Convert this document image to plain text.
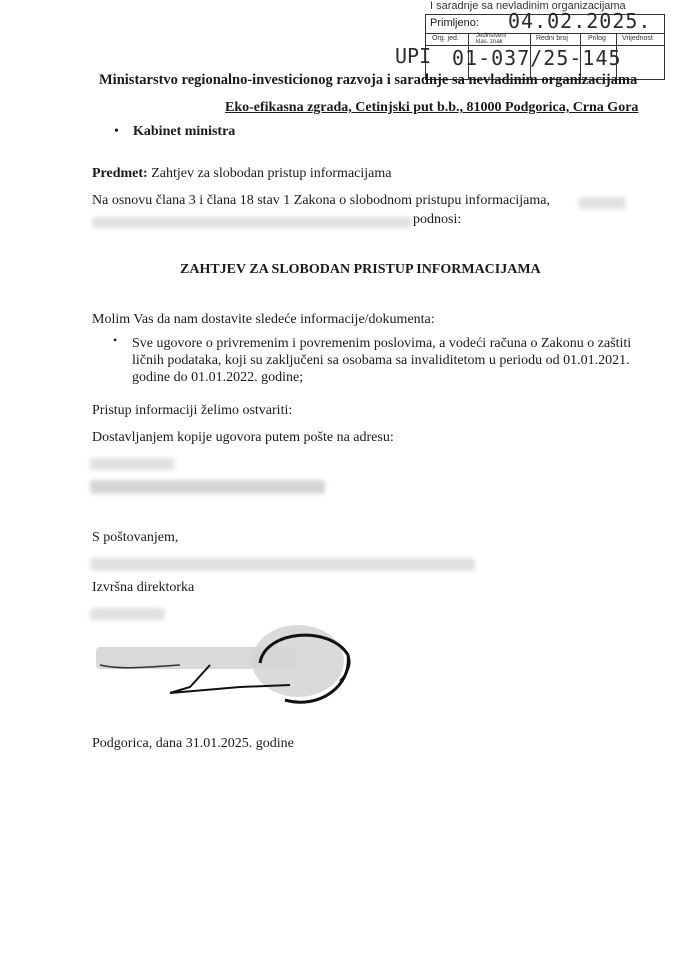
I saradnje sa nevladinim organizacijama
Primljeno: 04.02.2025.
Org. jed.	Jedinstveni klas. znak	Redni broj	Prilog Vrijednost
UPI 01-037/25-145
Ministarstvo regionalno-investicionog razvoja i saradnje sa nevladinim organizacijama
Eko-efikasna zgrada, Cetinjski put b.b., 81000 Podgorica, Crna Gora
• Kabinet ministra
Predmet: Zahtjev za slobodan pristup informacijama
Na osnovu člana 3 i člana 18 stav 1 Zakona o slobodnom pristupu informacijama,
podnosi:
ZAHTJEV ZA SLOBODAN PRISTUP INFORMACIJAMA
Molim Vas da nam dostavite sledeće informacije/dokumenta:
• Sve ugovore o privremenim i povremenim poslovima, a vodeći računa o Zakonu o zaštiti
ličnih podataka, koji su zaključeni sa osobama sa invaliditetom u periodu od 01.01.2021.
godine do 01.01.2022. godine;
Pristup informaciji želimo ostvariti:
Dostavljanjem kopije ugovora putem pošte na adresu:
S poštovanjem,
Izvršna direktorka
Podgorica, dana 31.01.2025. godine
